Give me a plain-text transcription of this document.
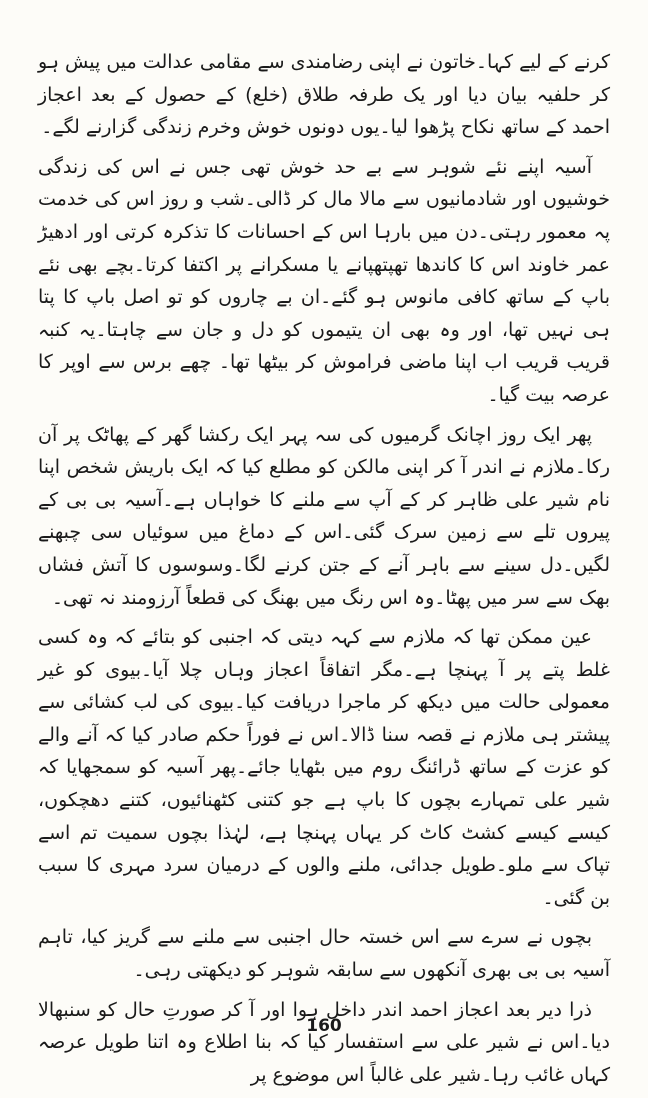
کرنے کے لیے کہا۔خاتون نے اپنی رضامندی سے مقامی عدالت میں پیش ہو کر حلفیہ بیان دیا اور یک طرفہ طلاق (خلع) کے حصول کے بعد اعجاز احمد کے ساتھ نکاح پڑھوا لیا۔یوں دونوں خوش وخرم زندگی گزارنے لگے۔

آسیہ اپنے نئے شوہر سے بے حد خوش تھی جس نے اس کی زندگی خوشیوں اور شادمانیوں سے مالا مال کر ڈالی۔شب و روز اس کی خدمت پہ معمور رہتی۔دن میں بارہا اس کے احسانات کا تذکرہ کرتی اور ادھیڑ عمر خاوند اس کا کاندھا تھپتھپانے یا مسکرانے پر اکتفا کرتا۔بچے بھی نئے باپ کے ساتھ کافی مانوس ہو گئے۔ان بے چاروں کو تو اصل باپ کا پتا ہی نہیں تھا، اور وہ بھی ان یتیموں کو دل و جان سے چاہتا۔یہ کنبہ قریب قریب اب اپنا ماضی فراموش کر بیٹھا تھا۔ چھے برس سے اوپر کا عرصہ بیت گیا۔

پھر ایک روز اچانک گرمیوں کی سہ پہر ایک رکشا گھر کے پھاٹک پر آن رکا۔ملازم نے اندر آ کر اپنی مالکن کو مطلع کیا کہ ایک باریش شخص اپنا نام شیر علی ظاہر کر کے آپ سے ملنے کا خواہاں ہے۔آسیہ بی بی کے پیروں تلے سے زمین سرک گئی۔اس کے دماغ میں سوئیاں سی چبھنے لگیں۔دل سینے سے باہر آنے کے جتن کرنے لگا۔وسوسوں کا آتش فشاں بھک سے سر میں پھٹا۔وہ اس رنگ میں بھنگ کی قطعاً آرزومند نہ تھی۔

عین ممکن تھا کہ ملازم سے کہہ دیتی کہ اجنبی کو بتائے کہ وہ کسی غلط پتے پر آ پہنچا ہے۔مگر اتفاقاً اعجاز وہاں چلا آیا۔بیوی کو غیر معمولی حالت میں دیکھ کر ماجرا دریافت کیا۔بیوی کی لب کشائی سے پیشتر ہی ملازم نے قصہ سنا ڈالا۔اس نے فوراً حکم صادر کیا کہ آنے والے کو عزت کے ساتھ ڈرائنگ روم میں بٹھایا جائے۔پھر آسیہ کو سمجھایا کہ شیر علی تمہارے بچوں کا باپ ہے جو کتنی کٹھنائیوں، کتنے دھچکوں، کیسے کیسے کشٹ کاٹ کر یہاں پہنچا ہے، لہٰذا بچوں سمیت تم اسے تپاک سے ملو۔طویل جدائی، ملنے والوں کے درمیان سرد مہری کا سبب بن گئی۔

بچوں نے سرے سے اس خستہ حال اجنبی سے ملنے سے گریز کیا، تاہم آسیہ بی بی بھری آنکھوں سے سابقہ شوہر کو دیکھتی رہی۔

ذرا دیر بعد اعجاز احمد اندر داخل ہوا اور آ کر صورتِ حال کو سنبھالا دیا۔اس نے شیر علی سے استفسار کیا کہ بنا اطلاع وہ اتنا طویل عرصہ کہاں غائب رہا۔شیر علی غالباً اس موضوع پر

160
